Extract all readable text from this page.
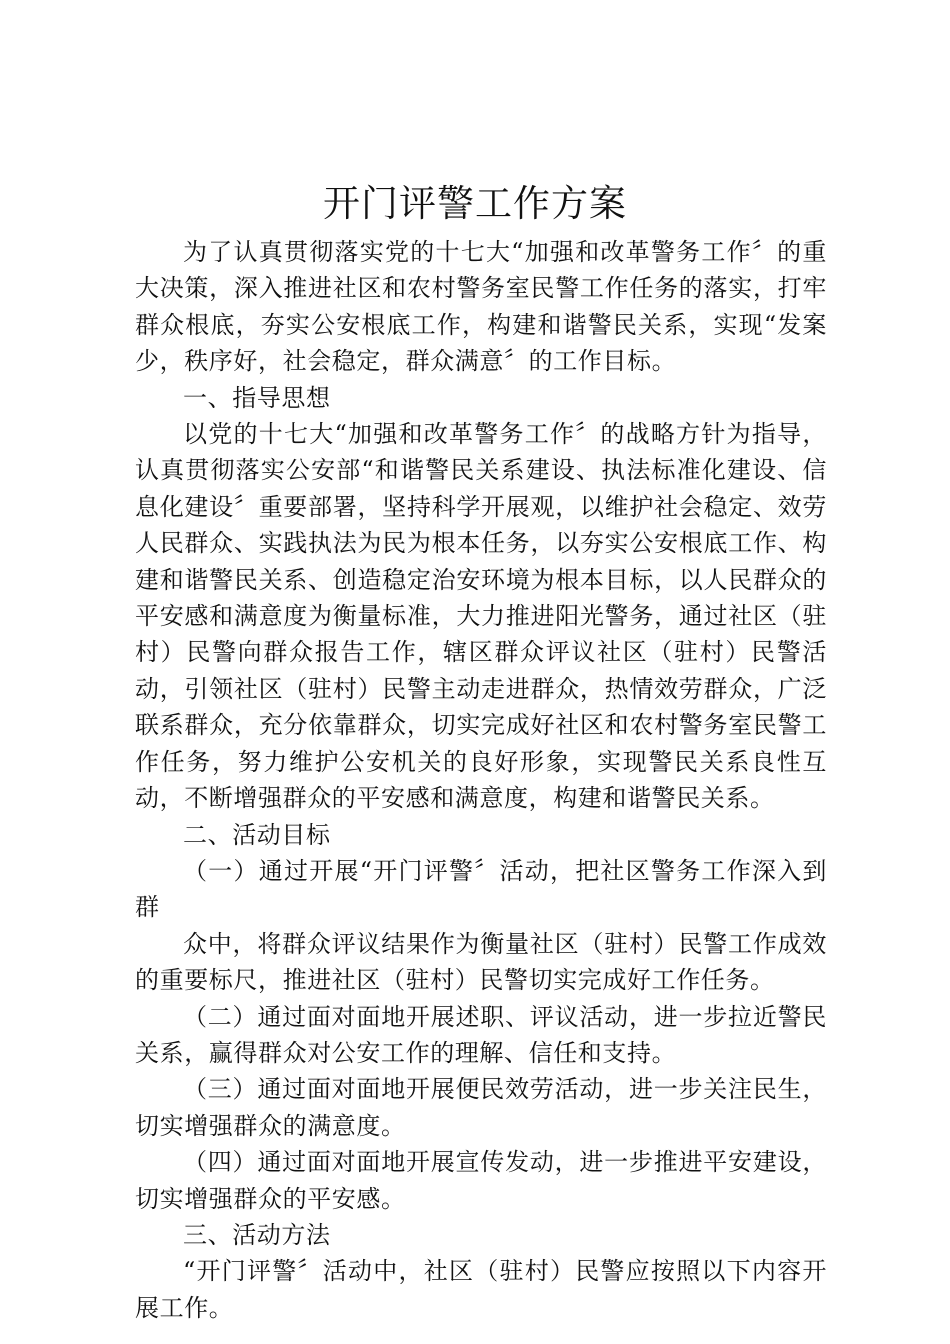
开门评警工作方案

为了认真贯彻落实党的十七大“加强和改革警务工作〞的重大决策，深入推进社区和农村警务室民警工作任务的落实，打牢群众根底，夯实公安根底工作，构建和谐警民关系，实现“发案少，秩序好，社会稳定，群众满意〞的工作目标。

一、指导思想

以党的十七大“加强和改革警务工作〞的战略方针为指导，认真贯彻落实公安部“和谐警民关系建设、执法标准化建设、信息化建设〞重要部署，坚持科学开展观，以维护社会稳定、效劳人民群众、实践执法为民为根本任务，以夯实公安根底工作、构建和谐警民关系、创造稳定治安环境为根本目标，以人民群众的平安感和满意度为衡量标准，大力推进阳光警务，通过社区（驻村）民警向群众报告工作，辖区群众评议社区（驻村）民警活动，引领社区（驻村）民警主动走进群众，热情效劳群众，广泛联系群众，充分依靠群众，切实完成好社区和农村警务室民警工作任务，努力维护公安机关的良好形象，实现警民关系良性互动，不断增强群众的平安感和满意度，构建和谐警民关系。

二、活动目标

（一）通过开展“开门评警〞活动，把社区警务工作深入到群

众中，将群众评议结果作为衡量社区（驻村）民警工作成效的重要标尺，推进社区（驻村）民警切实完成好工作任务。

（二）通过面对面地开展述职、评议活动，进一步拉近警民关系，赢得群众对公安工作的理解、信任和支持。

（三）通过面对面地开展便民效劳活动，进一步关注民生，切实增强群众的满意度。

（四）通过面对面地开展宣传发动，进一步推进平安建设，切实增强群众的平安感。

三、活动方法

“开门评警〞活动中，社区（驻村）民警应按照以下内容开展工作。
